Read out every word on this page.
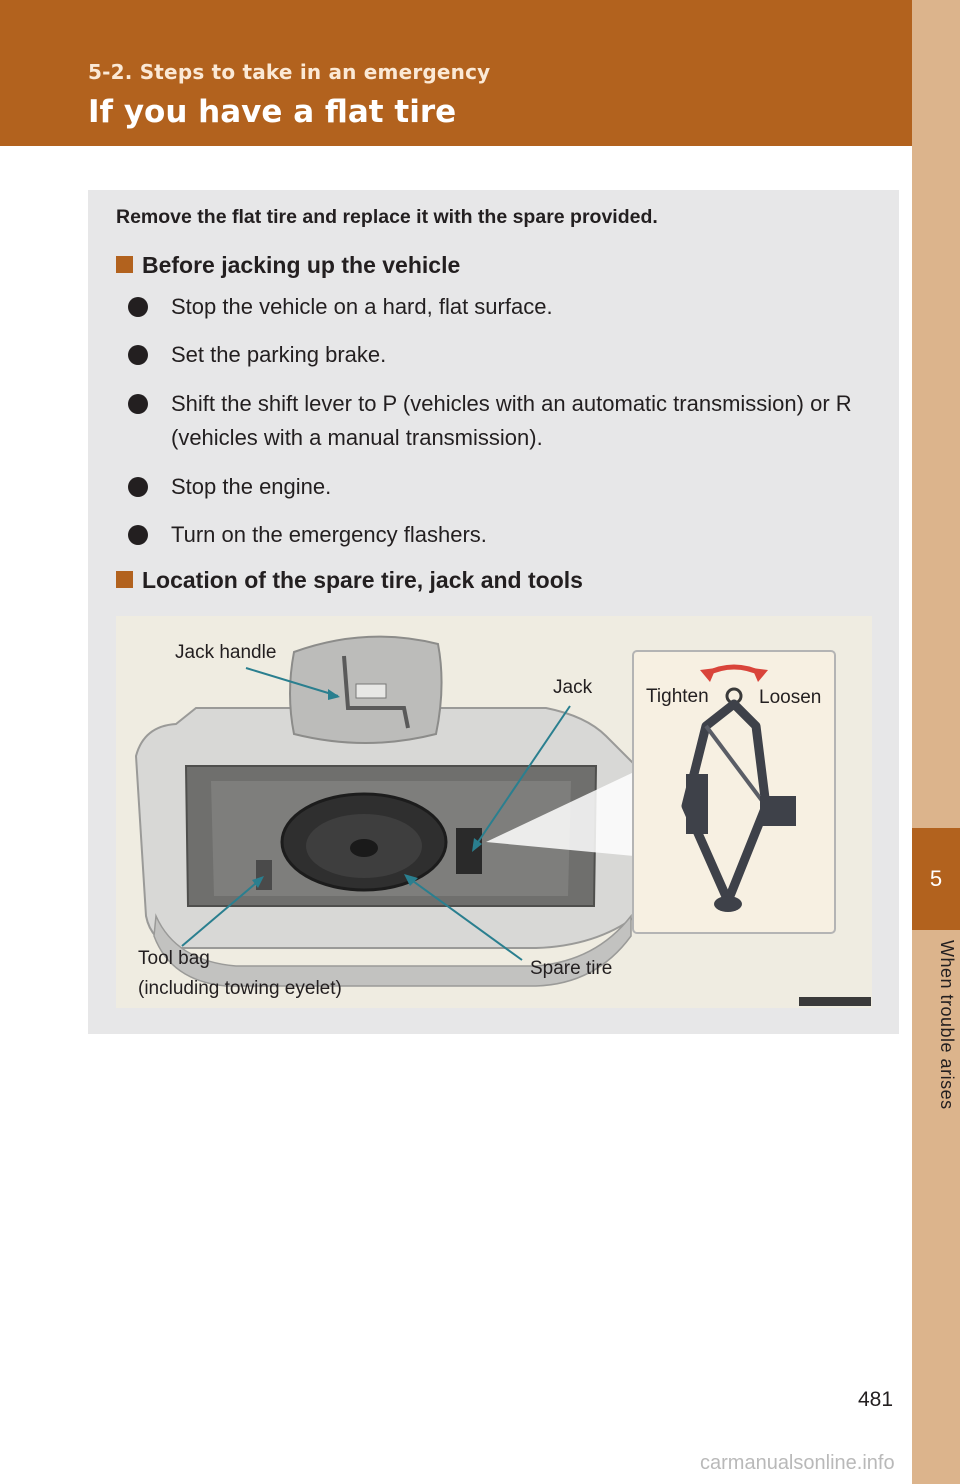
5-2. Steps to take in an emergency
If you have a flat tire
5
When trouble arises
Remove the flat tire and replace it with the spare provided.
Before jacking up the vehicle
Stop the vehicle on a hard, flat surface.
Set the parking brake.
Shift the shift lever to P (vehicles with an automatic transmission) or R (vehicles with a manual transmission).
Stop the engine.
Turn on the emergency flashers.
Location of the spare tire, jack and tools
Jack handle
Jack	Tighten	Loosen
Tool bag
(including towing eyelet)
Spare tire
481
carmanualsonline.info
